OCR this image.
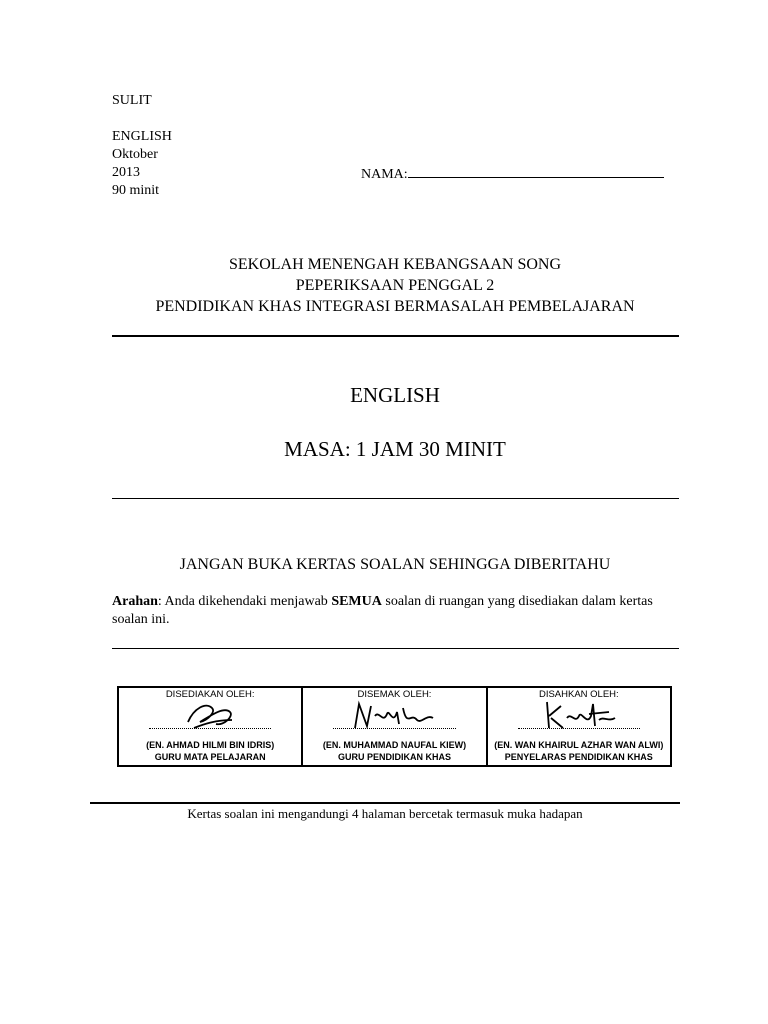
SULIT
ENGLISH
Oktober
2013
90 minit
NAMA:
SEKOLAH MENENGAH KEBANGSAAN SONG
PEPERIKSAAN PENGGAL 2
PENDIDIKAN KHAS INTEGRASI BERMASALAH PEMBELAJARAN
ENGLISH
MASA: 1 JAM 30 MINIT
JANGAN BUKA KERTAS SOALAN SEHINGGA DIBERITAHU
Arahan: Anda dikehendaki menjawab SEMUA soalan di ruangan yang disediakan dalam kertas soalan ini.
DISEDIAKAN OLEH:
(EN. AHMAD HILMI BIN IDRIS)
GURU MATA PELAJARAN
DISEMAK OLEH:
(EN. MUHAMMAD NAUFAL KIEW)
GURU PENDIDIKAN KHAS
DISAHKAN OLEH:
(EN. WAN KHAIRUL AZHAR WAN ALWI)
PENYELARAS PENDIDIKAN KHAS
Kertas soalan ini mengandungi 4 halaman bercetak termasuk muka hadapan
